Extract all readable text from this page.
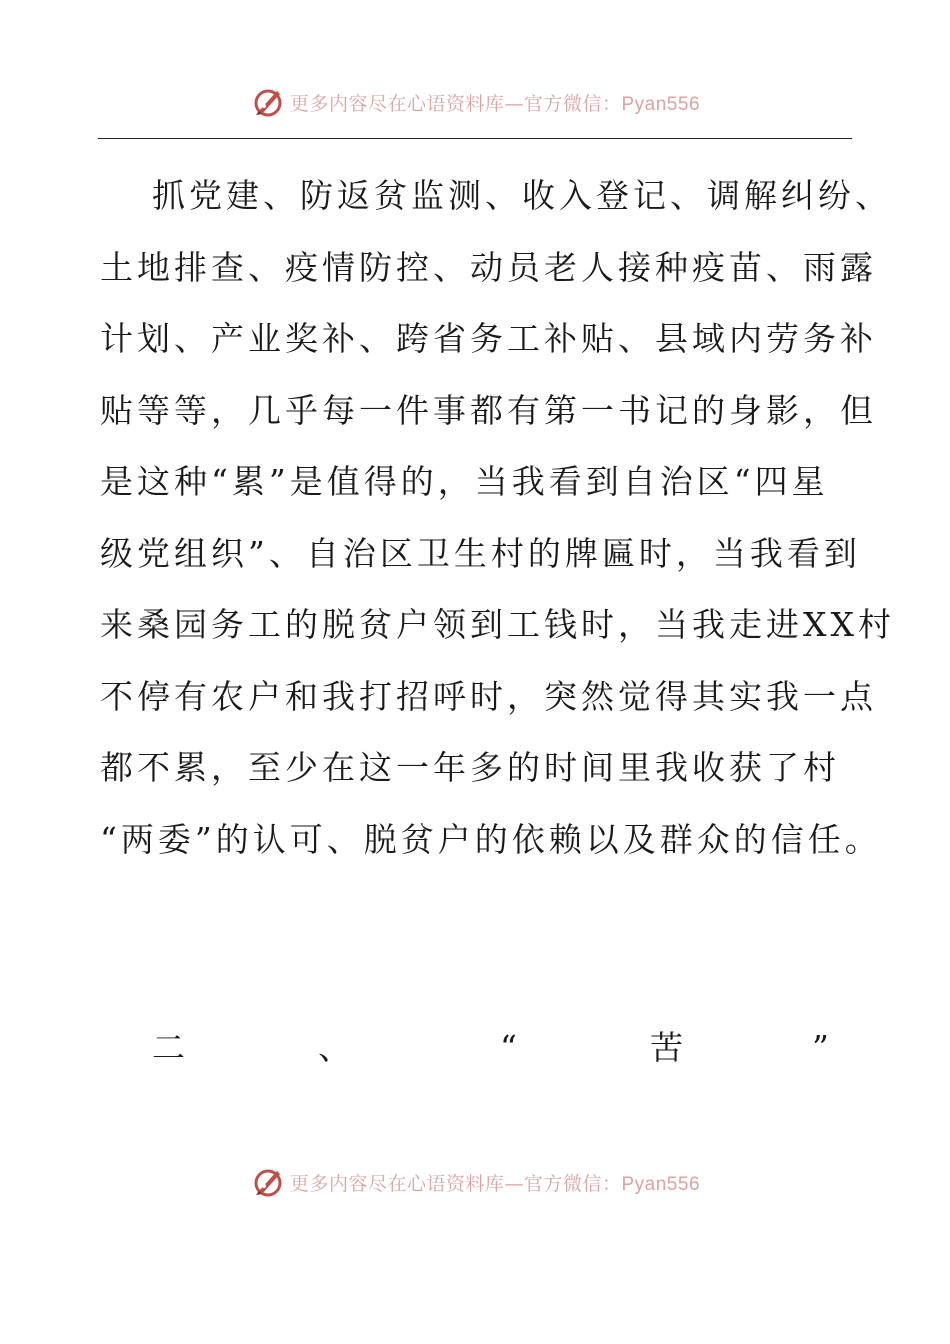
更多内容尽在心语资料库—官方微信：Pyan556
抓党建、防返贫监测、收入登记、调解纠纷、
土地排查、疫情防控、动员老人接种疫苗、雨露
计划、产业奖补、跨省务工补贴、县域内劳务补
贴等等，几乎每一件事都有第一书记的身影，但
是这种“累”是值得的，当我看到自治区“四星
级党组织”、自治区卫生村的牌匾时，当我看到
来桑园务工的脱贫户领到工钱时，当我走进XX村
不停有农户和我打招呼时，突然觉得其实我一点
都不累，至少在这一年多的时间里我收获了村
“两委”的认可、脱贫户的依赖以及群众的信任。
二	、	“	苦	”
更多内容尽在心语资料库—官方微信：Pyan556
